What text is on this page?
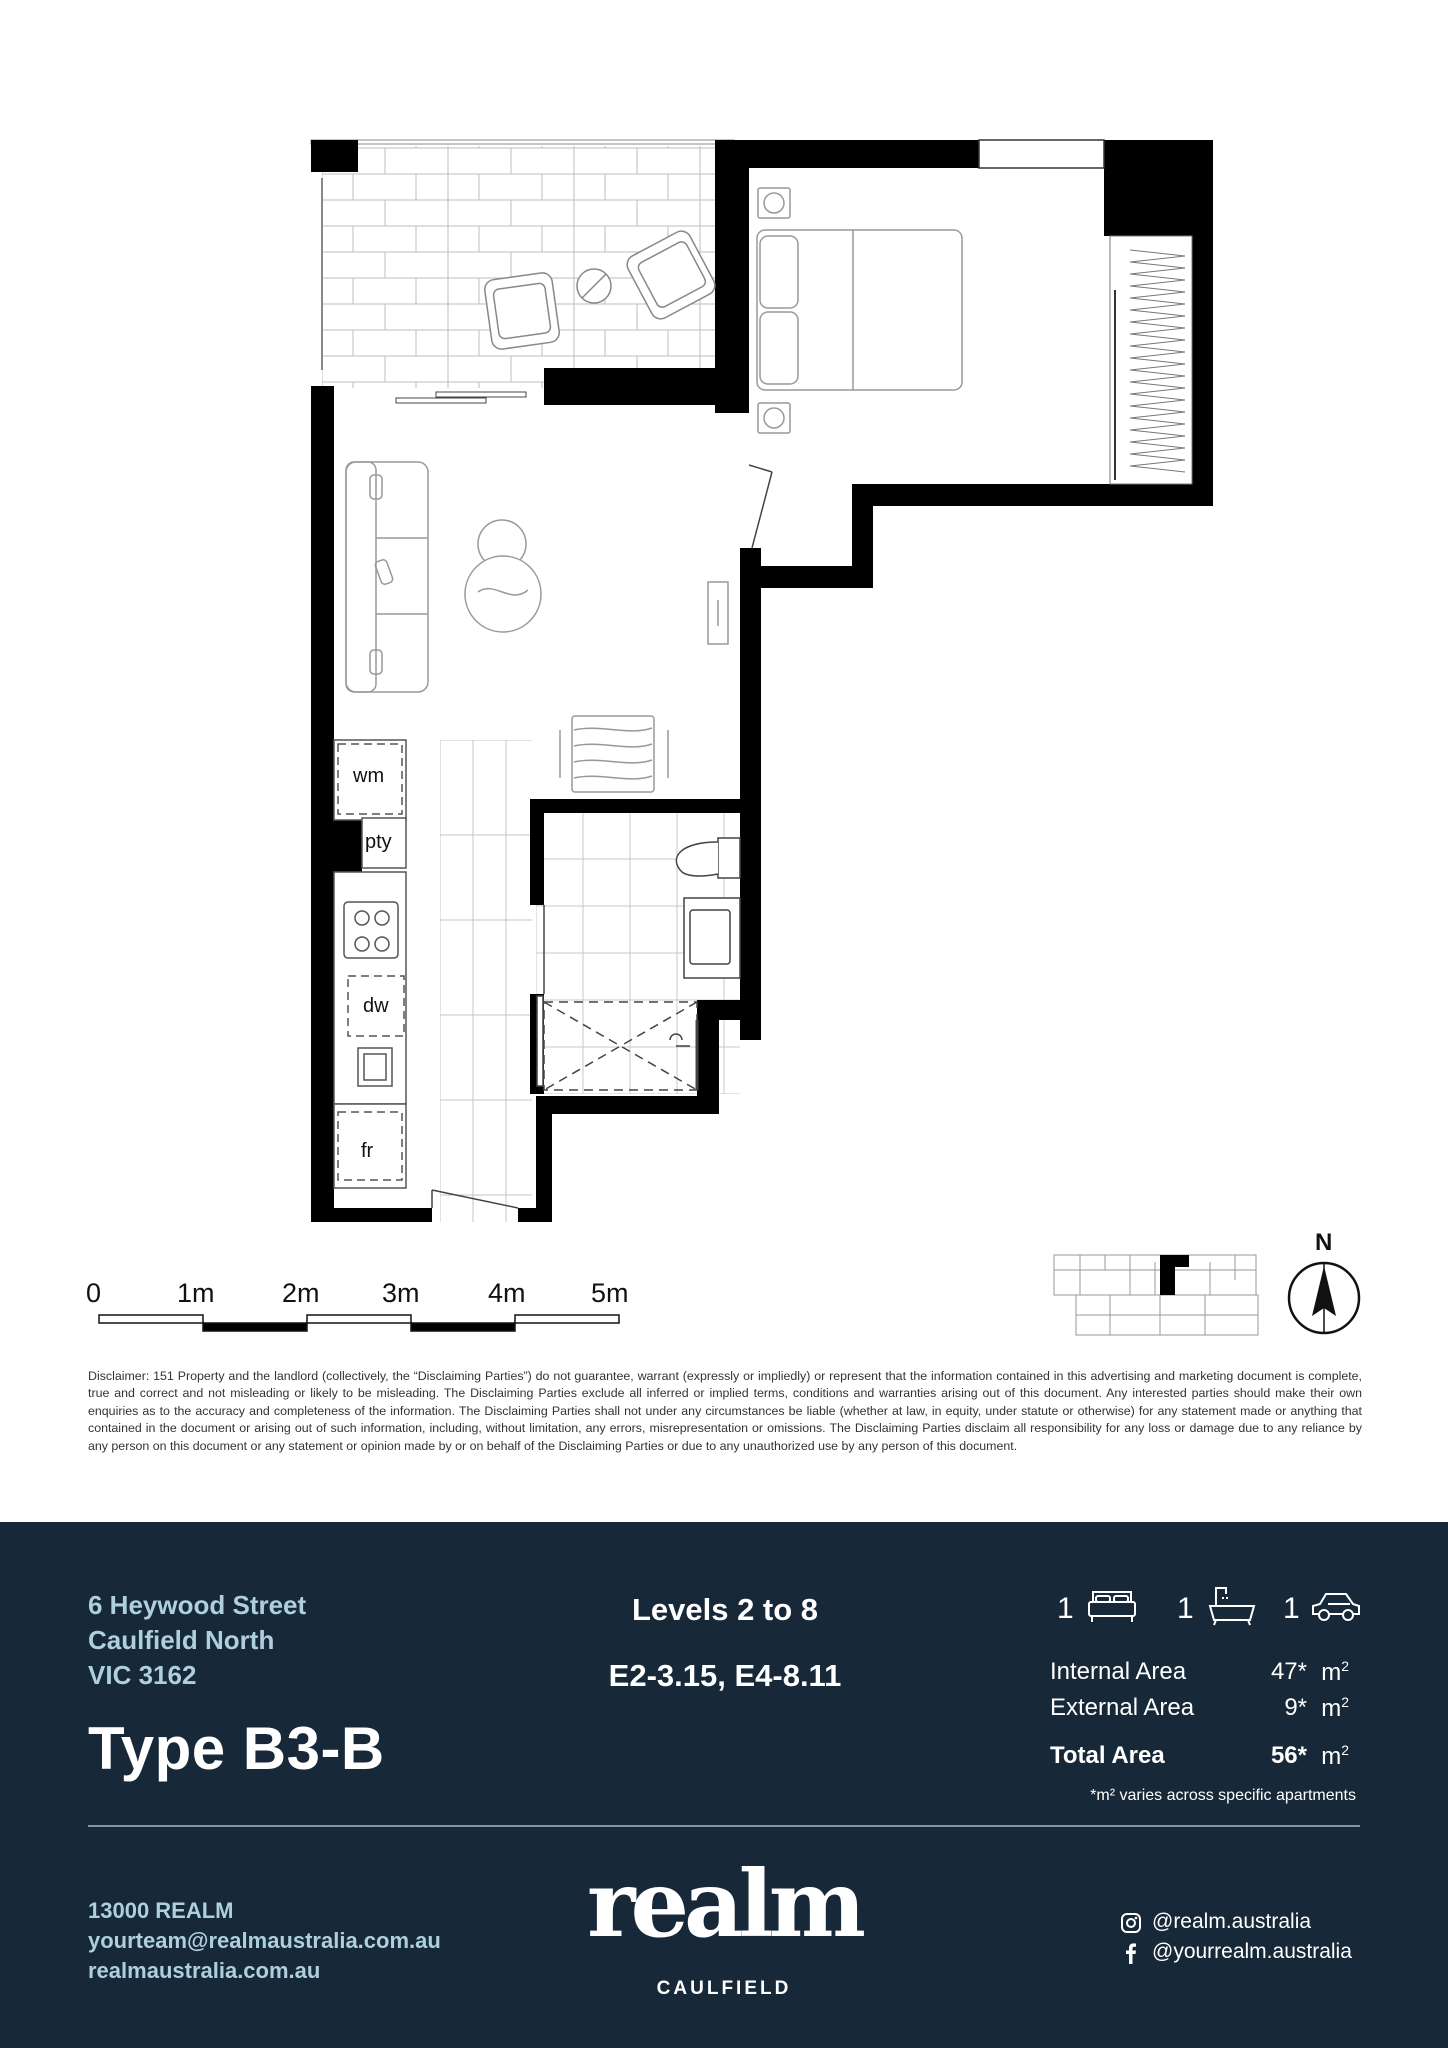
wm
pty
dw
fr
N
0	1m 2m 3m	4m 5m
Disclaimer: 151 Property and the landlord (collectively, the “Disclaiming Parties”) do not guarantee, warrant (expressly or impliedly) or represent that the information contained in this advertising and marketing document is complete, true and correct and not misleading or likely to be misleading. The Disclaiming Parties exclude all inferred or implied terms, conditions and warranties arising out of this document. Any interested parties should make their own enquiries as to the accuracy and completeness of the information. The Disclaiming Parties shall not under any circumstances be liable (whether at law, in equity, under statute or otherwise) for any statement made or anything that contained in the document or arising out of such information, including, without limitation, any errors, misrepresentation or omissions. The Disclaiming Parties disclaim all responsibility for any loss or damage due to any reliance by any person on this document or any statement or opinion made by or on behalf of the Disclaiming Parties or due to any unauthorized use by any person of this document.
6 Heywood Street
Caulfield North
VIC 3162
Type B3-B
Levels 2 to 8
E2-3.15, E4-8.11
1	1	1
Internal Area	47* $m^2$
External Area	9* $m^2$
Total Area	56* $m^2$
*m² varies across specific apartments
13000 REALM
yourteam@realmaustralia.com.au
realmaustralia.com.au
realm
CAULFIELD
@realm.australia
@yourrealm.australia
